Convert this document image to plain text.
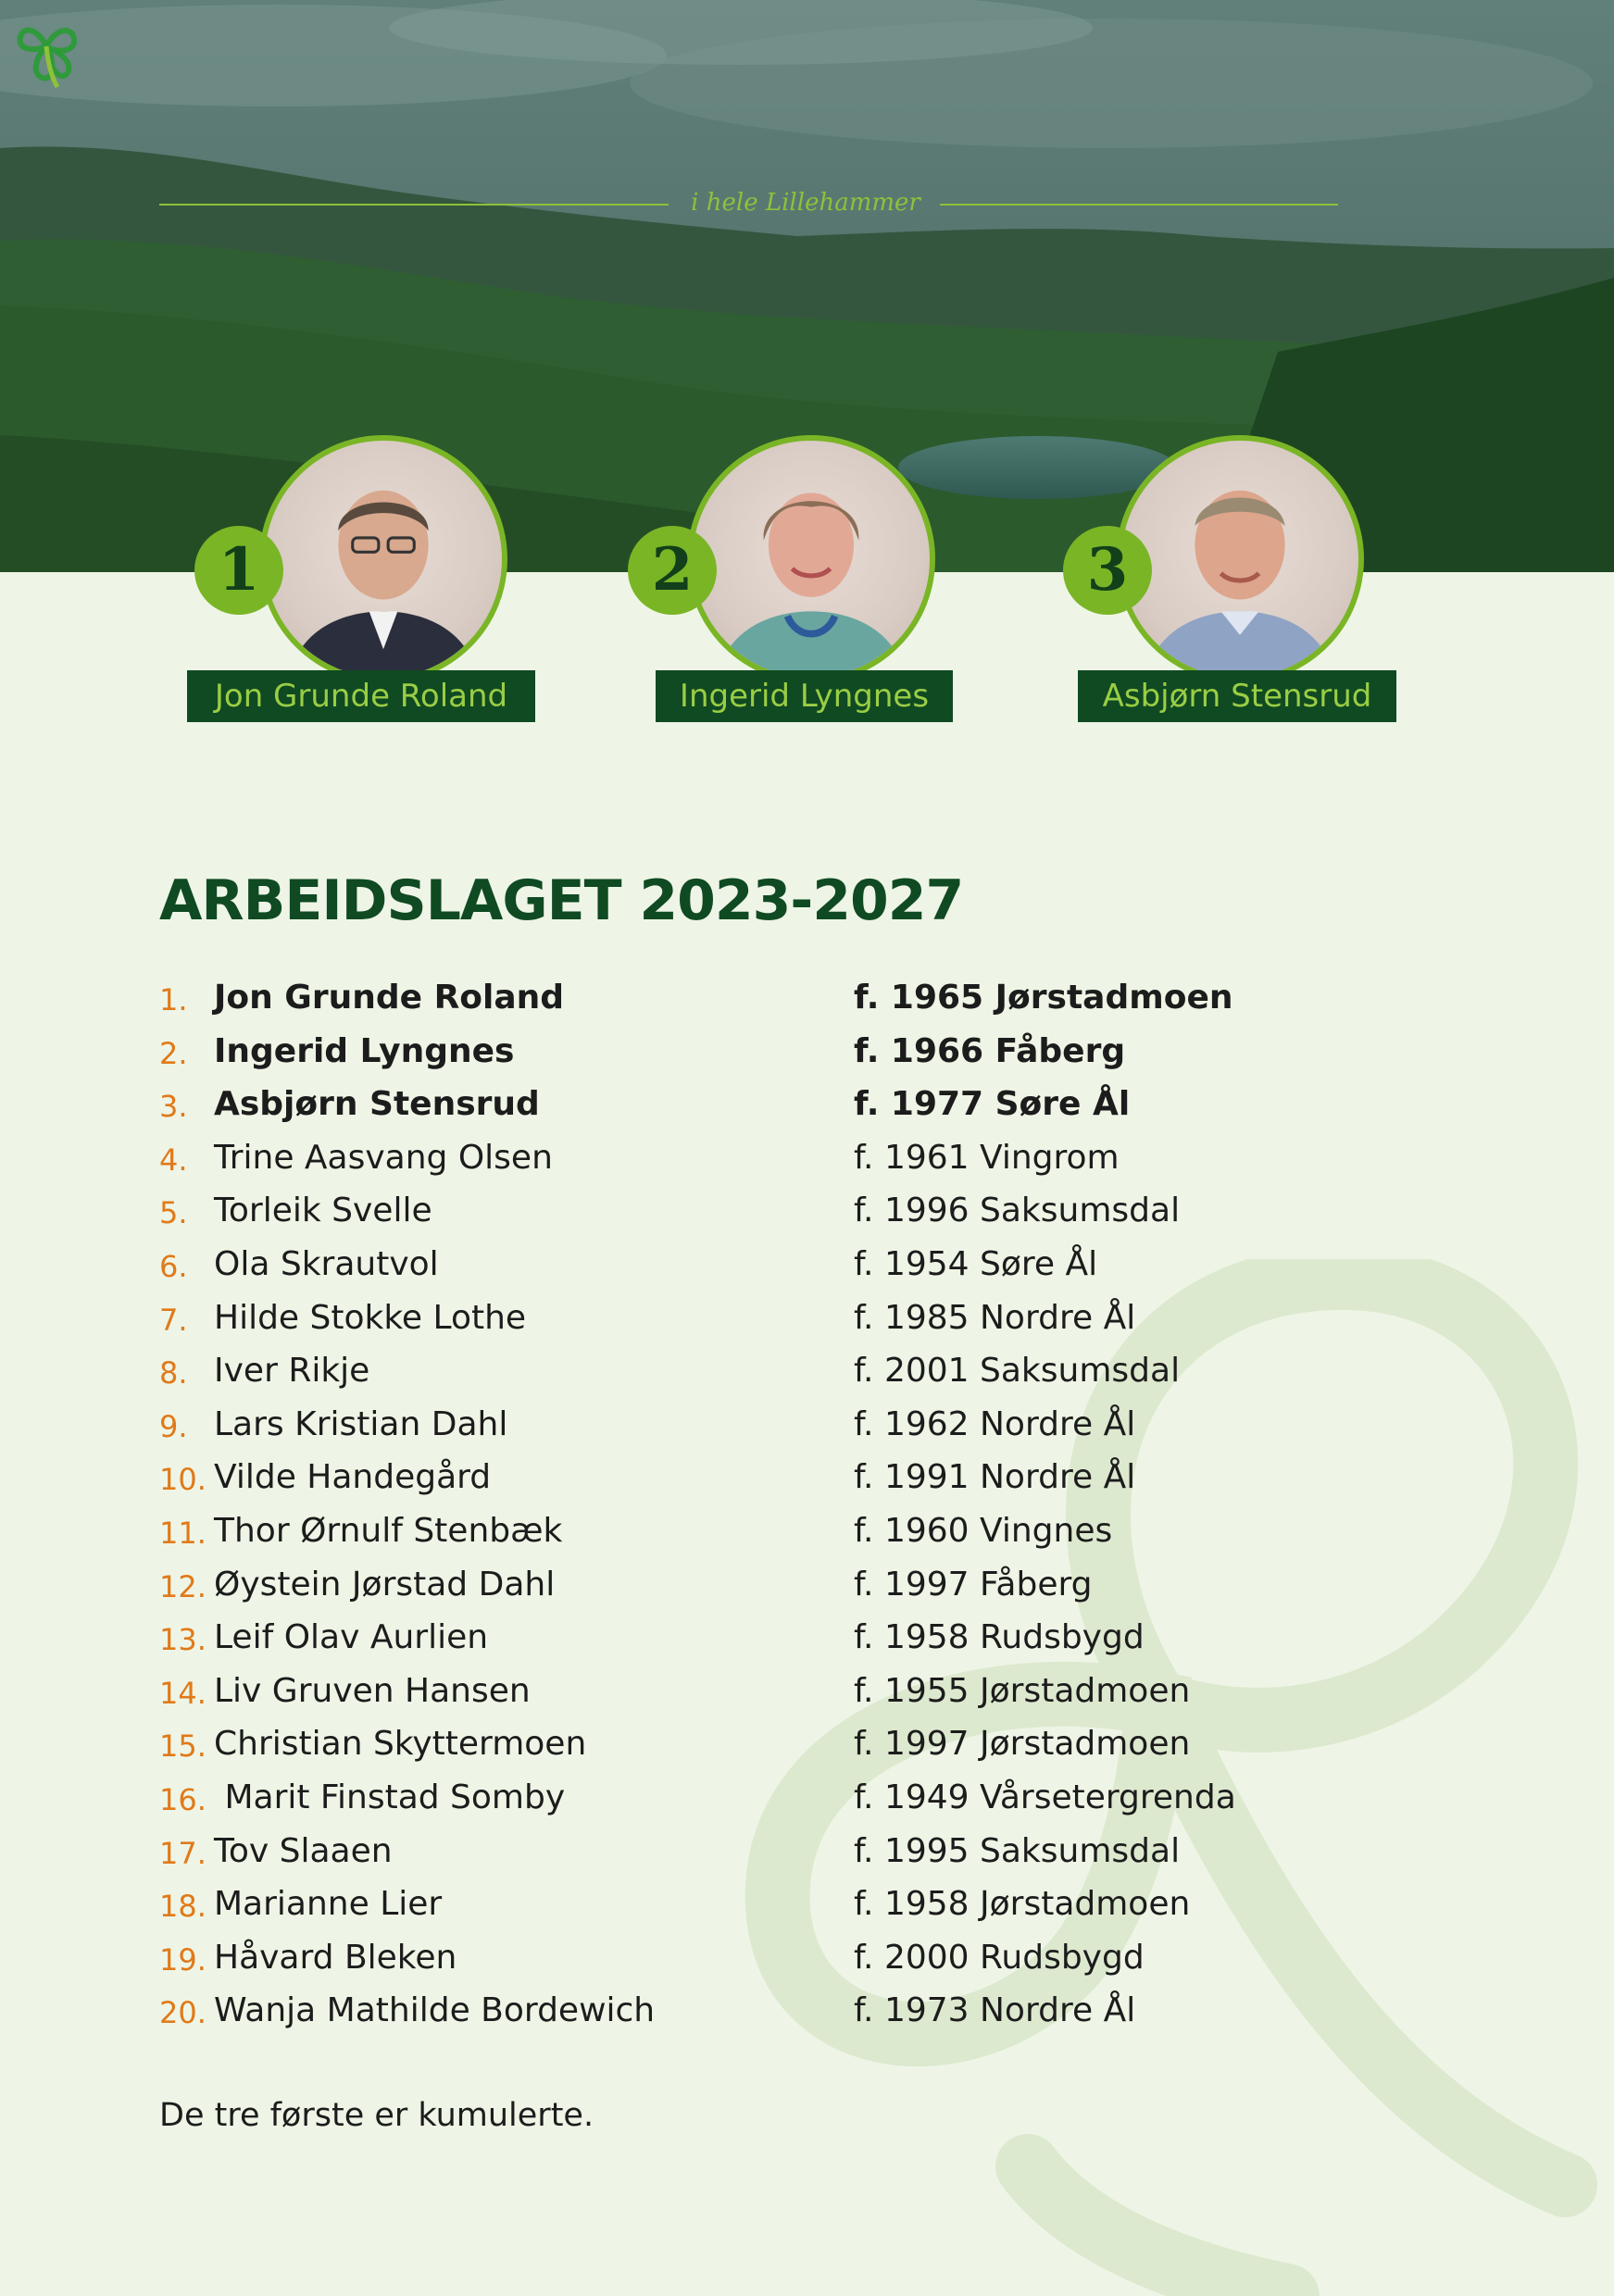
i hele Lillehammer
1
Jon Grunde Roland
2
Ingerid Lyngnes
3
Asbjørn Stensrud
ARBEIDSLAGET 2023-2027
1. Jon Grunde Roland	f. 1965 Jørstadmoen
2. Ingerid Lyngnes	f. 1966 Fåberg
3. Asbjørn Stensrud	f. 1977 Søre Ål
4. Trine Aasvang Olsen	f. 1961 Vingrom
5. Torleik Svelle	f. 1996 Saksumsdal
6. Ola Skrautvol	f. 1954 Søre Ål
7. Hilde Stokke Lothe	f. 1985 Nordre Ål
8. Iver Rikje	f. 2001 Saksumsdal
9. Lars Kristian Dahl	f. 1962 Nordre Ål
10. Vilde Handegård	f. 1991 Nordre Ål
11. Thor Ørnulf Stenbæk	f. 1960 Vingnes
12. Øystein Jørstad Dahl	f. 1997 Fåberg
13. Leif Olav Aurlien	f. 1958 Rudsbygd
14. Liv Gruven Hansen	f. 1955 Jørstadmoen
15. Christian Skyttermoen	f. 1997 Jørstadmoen
16. Marit Finstad Somby	f. 1949 Vårsetergrenda
17. Tov Slaaen	f. 1995 Saksumsdal
18. Marianne Lier	f. 1958 Jørstadmoen
19. Håvard Bleken	f. 2000 Rudsbygd
20. Wanja Mathilde Bordewich	f. 1973 Nordre Ål
De tre første er kumulerte.
